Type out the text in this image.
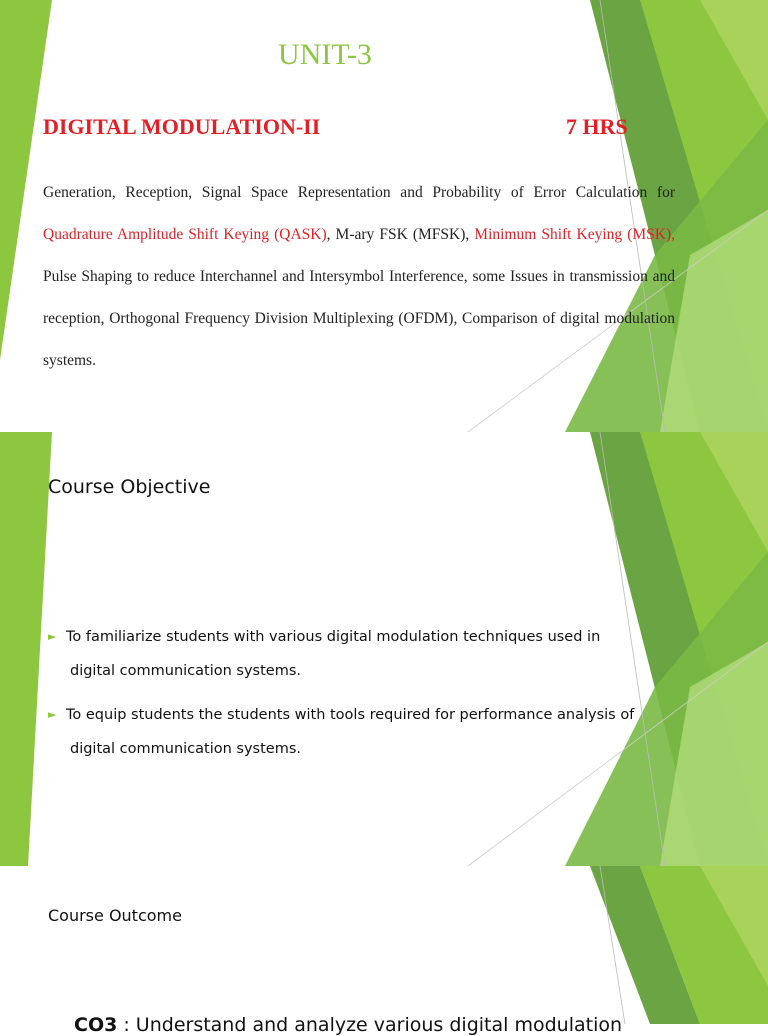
UNIT-3

DIGITAL MODULATION-II	7 HRS

Generation, Reception, Signal Space Representation and Probability of Error Calculation for Quadrature Amplitude Shift Keying (QASK), M-ary FSK (MFSK), Minimum Shift Keying (MSK), Pulse Shaping to reduce Interchannel and Intersymbol Interference, some Issues in transmission and reception, Orthogonal Frequency Division Multiplexing (OFDM), Comparison of digital modulation systems.

Course Objective

► To familiarize students with various digital modulation techniques used in
digital communication systems.
► To equip students the students with tools required for performance analysis of
digital communication systems.

Course Outcome

CO3 : Understand and analyze various digital modulation
